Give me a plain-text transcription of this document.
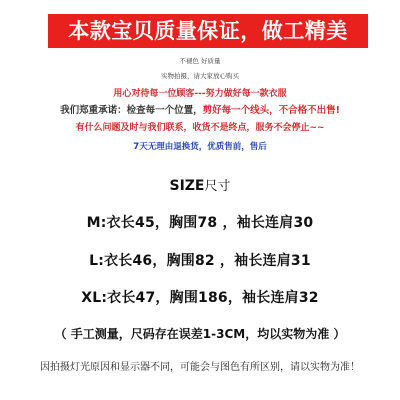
本款宝贝质量保证，做工精美
不褪色 好质量
实物拍摄，请大家放心购买
用心对待每一位顾客---努力做好每一款衣服
我们郑重承诺：检查每一个位置，剪好每一个线头，不合格不出售!
有什么问题及时与我们联系，收货不是终点，服务不会停止~~
7天无理由退换货，优质售前，售后
SIZE尺寸
M:衣长45，胸围78 ，袖长连肩30
L:衣长46，胸围82 ，袖长连肩31
XL:衣长47，胸围186，袖长连肩32
（ 手工测量，尺码存在误差1-3CM，均以实物为准 ）
因拍摄灯光原因和显示器不同，可能会与图色有所区别，请以实物为准！
